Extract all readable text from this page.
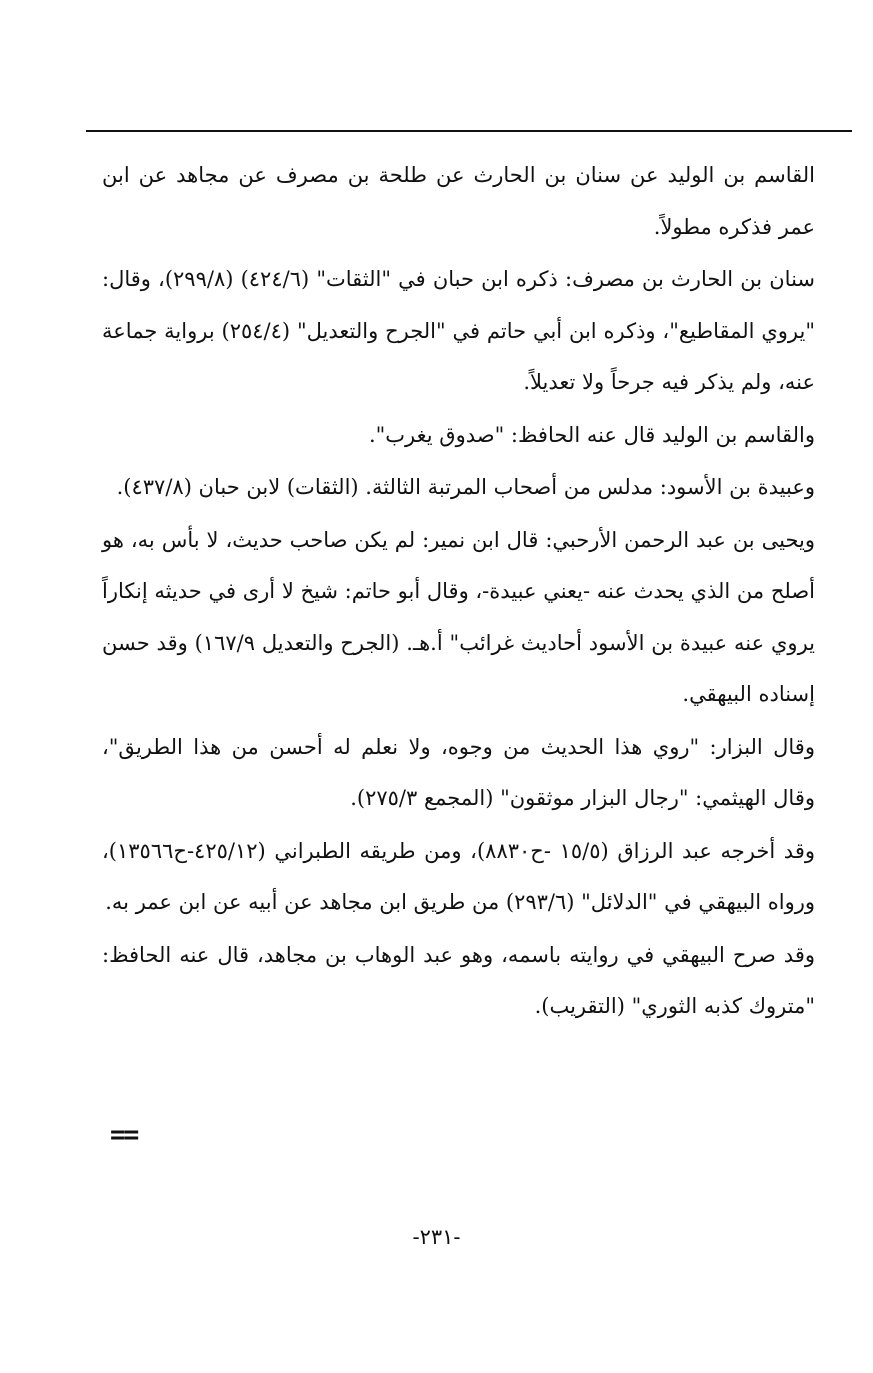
القاسم بن الوليد عن سنان بن الحارث عن طلحة بن مصرف عن مجاهد عن ابن عمر فذكره مطولاً.

سنان بن الحارث بن مصرف: ذكره ابن حبان في "الثقات" (٤٢٤/٦) (٢٩٩/٨)، وقال: "يروي المقاطيع"، وذكره ابن أبي حاتم في "الجرح والتعديل" (٢٥٤/٤) برواية جماعة عنه، ولم يذكر فيه جرحاً ولا تعديلاً.

والقاسم بن الوليد قال عنه الحافظ: "صدوق يغرب".

وعبيدة بن الأسود: مدلس من أصحاب المرتبة الثالثة. (الثقات) لابن حبان (٤٣٧/٨).

ويحيى بن عبد الرحمن الأرحبي: قال ابن نمير: لم يكن صاحب حديث، لا بأس به، هو أصلح من الذي يحدث عنه -يعني عبيدة-، وقال أبو حاتم: شيخ لا أرى في حديثه إنكاراً يروي عنه عبيدة بن الأسود أحاديث غرائب" أ.هـ. (الجرح والتعديل ١٦٧/٩) وقد حسن إسناده البيهقي.

وقال البزار: "روي هذا الحديث من وجوه، ولا نعلم له أحسن من هذا الطريق"، وقال الهيثمي: "رجال البزار موثقون" (المجمع ٢٧٥/٣).

وقد أخرجه عبد الرزاق (١٥/٥ -ح٨٨٣٠)، ومن طريقه الطبراني (٤٢٥/١٢-ح١٣٥٦٦)، ورواه البيهقي في "الدلائل" (٢٩٣/٦) من طريق ابن مجاهد عن أبيه عن ابن عمر به.

وقد صرح البيهقي في روايته باسمه، وهو عبد الوهاب بن مجاهد، قال عنه الحافظ: "متروك كذبه الثوري" (التقريب).

==
-٢٣١-
